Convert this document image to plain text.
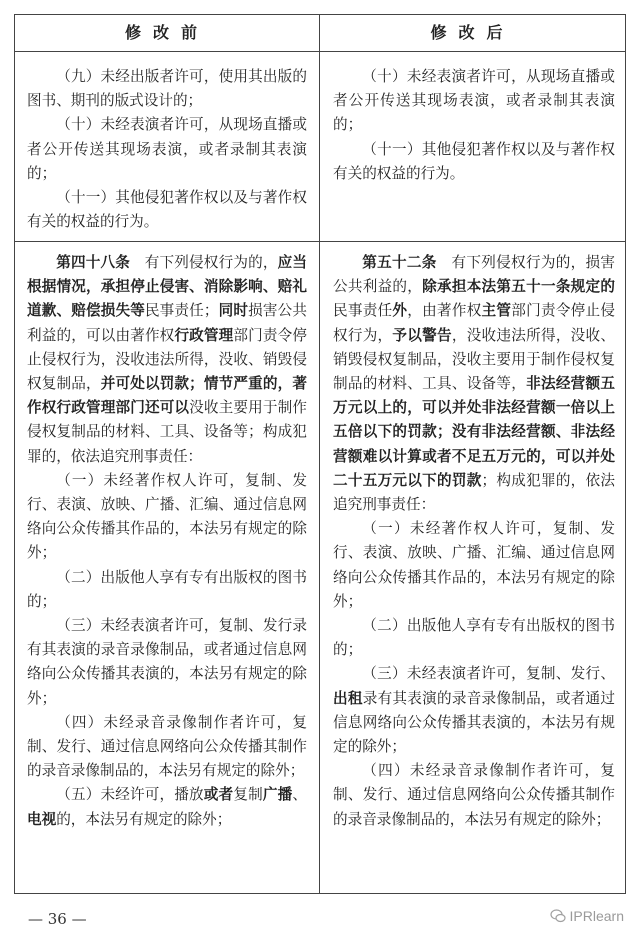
修改前	修改后

（九）未经出版者许可，使用其出版的图书、期刊的版式设计的；

（十）未经表演者许可，从现场直播或者公开传送其现场表演，或者录制其表演的；

（十一）其他侵犯著作权以及与著作权有关的权益的行为。

（十）未经表演者许可，从现场直播或者公开传送其现场表演，或者录制其表演的；

（十一）其他侵犯著作权以及与著作权有关的权益的行为。

第四十八条　有下列侵权行为的，应当根据情况，承担停止侵害、消除影响、赔礼道歉、赔偿损失等民事责任；同时损害公共利益的，可以由著作权行政管理部门责令停止侵权行为，没收违法所得，没收、销毁侵权复制品，并可处以罚款；情节严重的，著作权行政管理部门还可以没收主要用于制作侵权复制品的材料、工具、设备等；构成犯罪的，依法追究刑事责任：

（一）未经著作权人许可，复制、发行、表演、放映、广播、汇编、通过信息网络向公众传播其作品的，本法另有规定的除外；

（二）出版他人享有专有出版权的图书的；

（三）未经表演者许可，复制、发行录有其表演的录音录像制品，或者通过信息网络向公众传播其表演的，本法另有规定的除外；

（四）未经录音录像制作者许可，复制、发行、通过信息网络向公众传播其制作的录音录像制品的，本法另有规定的除外；

（五）未经许可，播放或者复制广播、电视的，本法另有规定的除外；

第五十二条　有下列侵权行为的，损害公共利益的，除承担本法第五十一条规定的民事责任外，由著作权主管部门责令停止侵权行为，予以警告，没收违法所得，没收、销毁侵权复制品，没收主要用于制作侵权复制品的材料、工具、设备等，非法经营额五万元以上的，可以并处非法经营额一倍以上五倍以下的罚款；没有非法经营额、非法经营额难以计算或者不足五万元的，可以并处二十五万元以下的罚款；构成犯罪的，依法追究刑事责任：

（一）未经著作权人许可，复制、发行、表演、放映、广播、汇编、通过信息网络向公众传播其作品的，本法另有规定的除外；

（二）出版他人享有专有出版权的图书的；

（三）未经表演者许可，复制、发行、出租录有其表演的录音录像制品，或者通过信息网络向公众传播其表演的，本法另有规定的除外；

（四）未经录音录像制作者许可，复制、发行、通过信息网络向公众传播其制作的录音录像制品的，本法另有规定的除外；

— 36 —	IPRlearn
